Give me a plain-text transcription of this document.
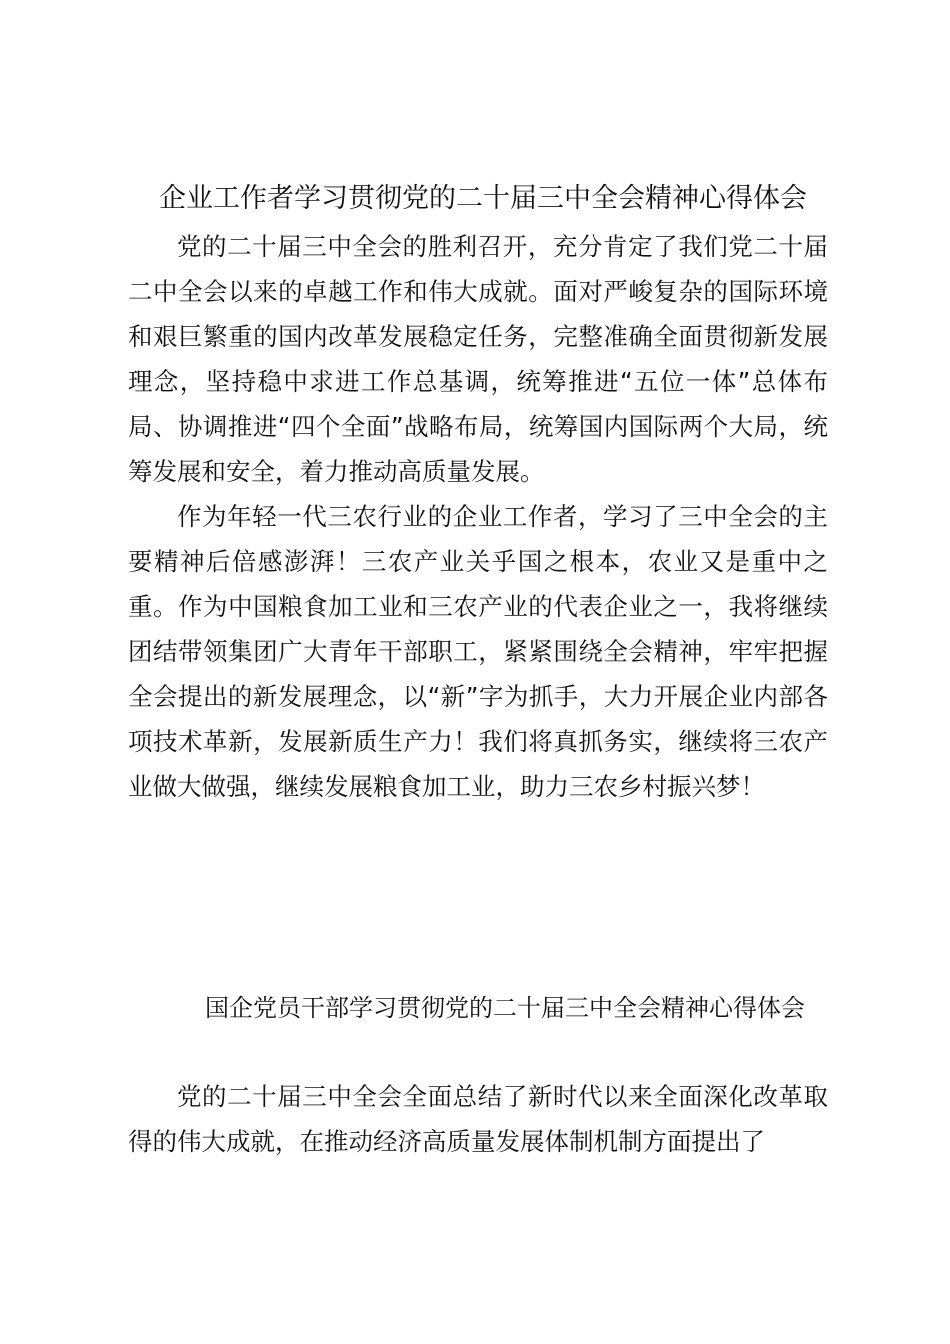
企业工作者学习贯彻党的二十届三中全会精神心得体会

党的二十届三中全会的胜利召开，充分肯定了我们党二十届二中全会以来的卓越工作和伟大成就。面对严峻复杂的国际环境和艰巨繁重的国内改革发展稳定任务，完整准确全面贯彻新发展理念，坚持稳中求进工作总基调，统筹推进“五位一体”总体布局、协调推进“四个全面”战略布局，统筹国内国际两个大局，统筹发展和安全，着力推动高质量发展。

作为年轻一代三农行业的企业工作者，学习了三中全会的主要精神后倍感澎湃！三农产业关乎国之根本，农业又是重中之重。作为中国粮食加工业和三农产业的代表企业之一，我将继续团结带领集团广大青年干部职工，紧紧围绕全会精神，牢牢把握全会提出的新发展理念，以“新”字为抓手，大力开展企业内部各项技术革新，发展新质生产力！我们将真抓务实，继续将三农产业做大做强，继续发展粮食加工业，助力三农乡村振兴梦！

国企党员干部学习贯彻党的二十届三中全会精神心得体会

党的二十届三中全会全面总结了新时代以来全面深化改革取得的伟大成就，在推动经济高质量发展体制机制方面提出了
